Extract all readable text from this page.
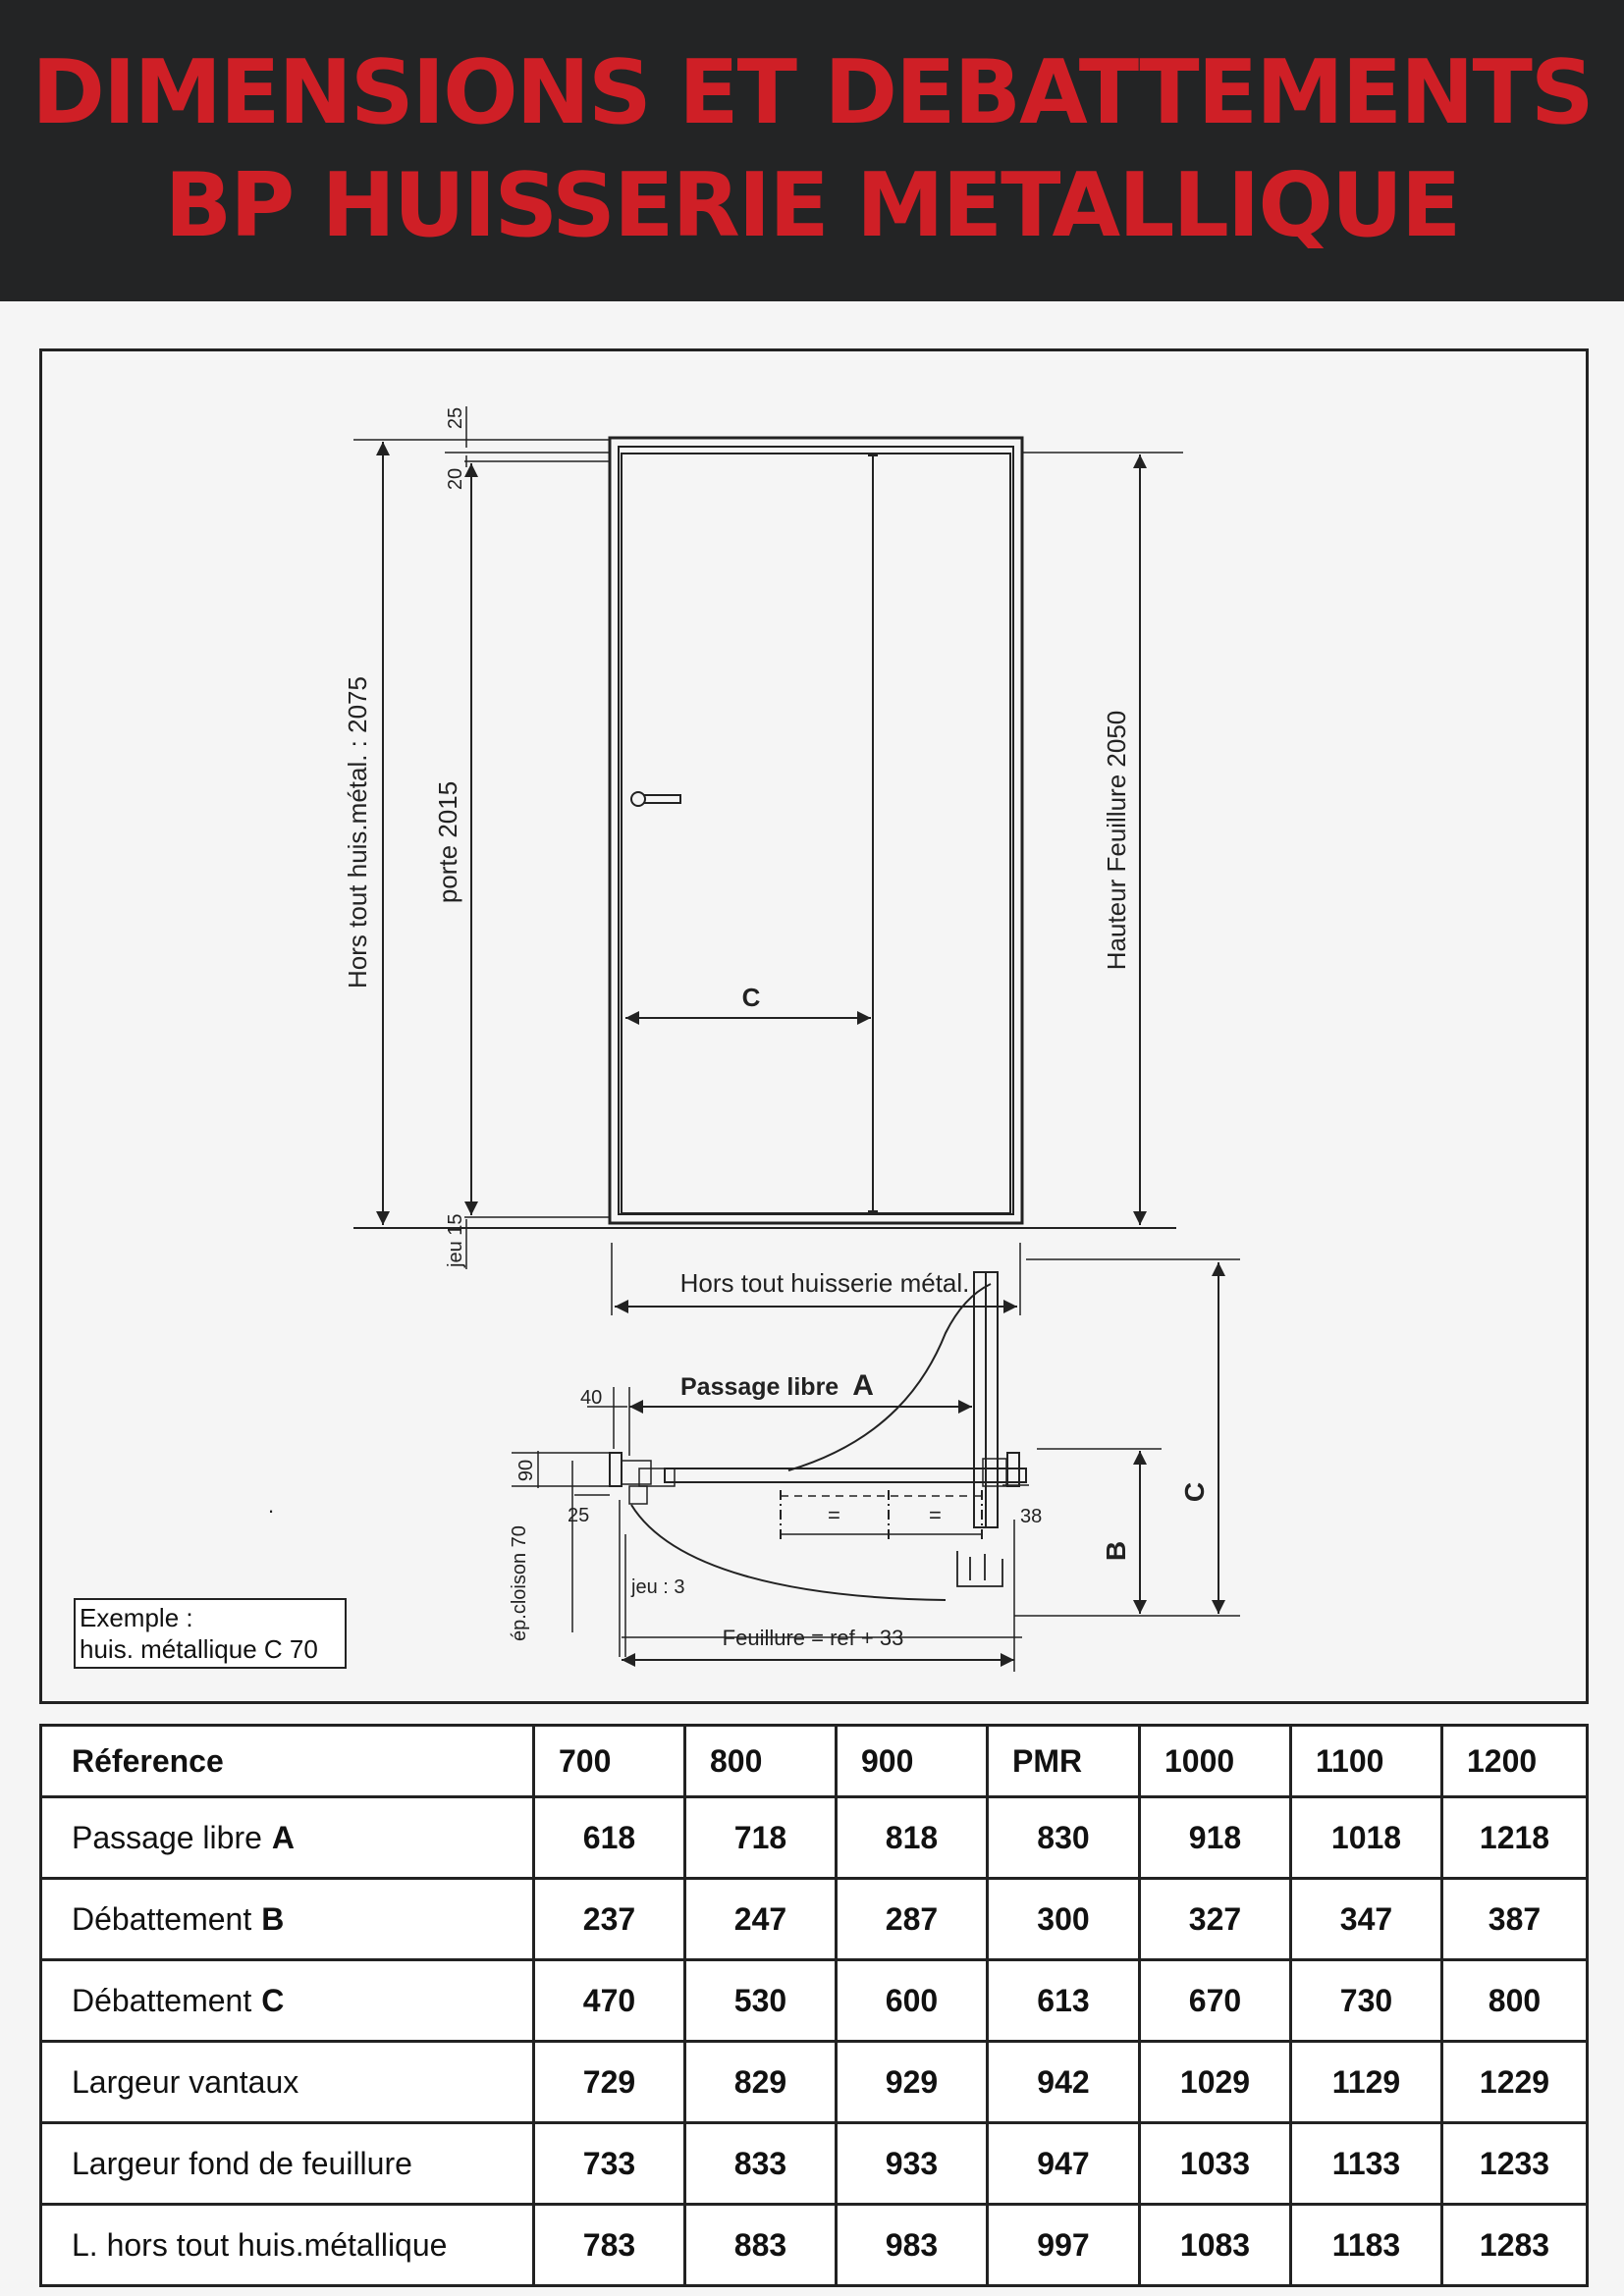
DIMENSIONS ET DEBATTEMENTS
BP HUISSERIE METALLIQUE
Hors tout huis.métal. : 2075 porte 2015	Hauteur Feuillure 2050
25
20
jeu 15
C
Hors tout huisserie métal.
Passage libre A
40
90
25	38
=	=
ép.cloison 70	jeu : 3
Feuillure = ref + 33
B
C
.
Exemple :
huis. métallique C 70
Réference	700	800	900	PMR	1000	1100	1200
Passage libre A	618	718	818	830	918	1018	1218
Débattement B	237	247	287	300	327	347	387
Débattement C	470	530	600	613	670	730	800
Largeur vantaux	729	829	929	942	1029	1129	1229
Largeur fond de feuillure	733	833	933	947	1033	1133	1233
L. hors tout huis.métallique	783	883	983	997	1083	1183	1283
